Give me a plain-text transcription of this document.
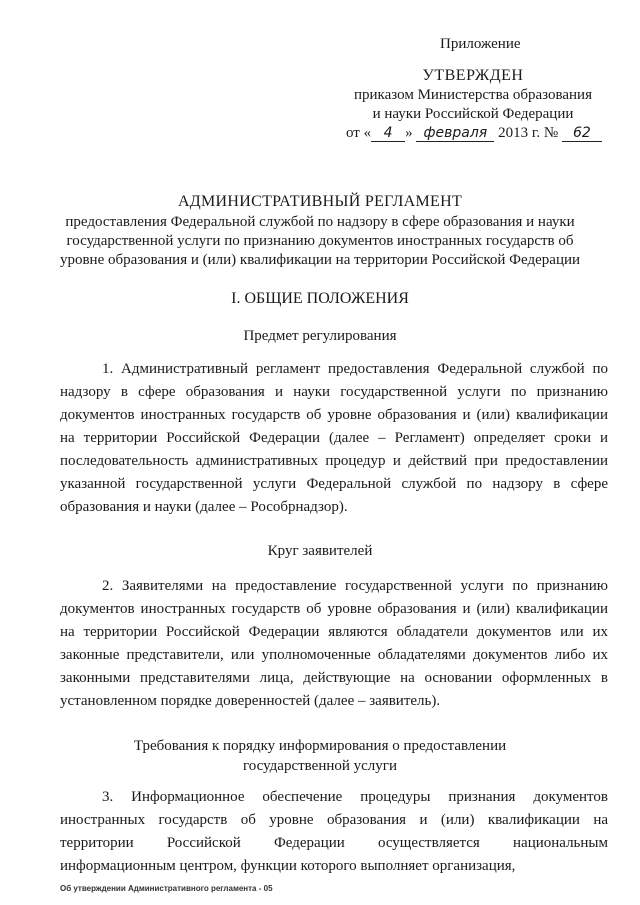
Приложение
УТВЕРЖДЕН
приказом Министерства образования
и науки Российской Федерации
от « 4 » февраля 2013 г. № 62
АДМИНИСТРАТИВНЫЙ РЕГЛАМЕНТ
предоставления Федеральной службой по надзору в сфере образования и науки
государственной услуги по признанию документов иностранных государств об
уровне образования и (или) квалификации на территории Российской Федерации
I. ОБЩИЕ ПОЛОЖЕНИЯ
Предмет регулирования
1. Административный регламент предоставления Федеральной службой по надзору в сфере образования и науки государственной услуги по признанию документов иностранных государств об уровне образования и (или) квалификации на территории Российской Федерации (далее – Регламент) определяет сроки и последовательность административных процедур и действий при предоставлении указанной государственной услуги Федеральной службой по надзору в сфере образования и науки (далее – Рособрнадзор).
Круг заявителей
2. Заявителями на предоставление государственной услуги по признанию документов иностранных государств об уровне образования и (или) квалификации на территории Российской Федерации являются обладатели документов или их законные представители, или уполномоченные обладателями документов либо их законными представителями лица, действующие на основании оформленных в установленном порядке доверенностей (далее – заявитель).
Требования к порядку информирования о предоставлении
государственной услуги
3. Информационное обеспечение процедуры признания документов иностранных государств об уровне образования и (или) квалификации на территории Российской Федерации осуществляется национальным информационным центром, функции которого выполняет организация,
Об утверждении Административного регламента - 05
